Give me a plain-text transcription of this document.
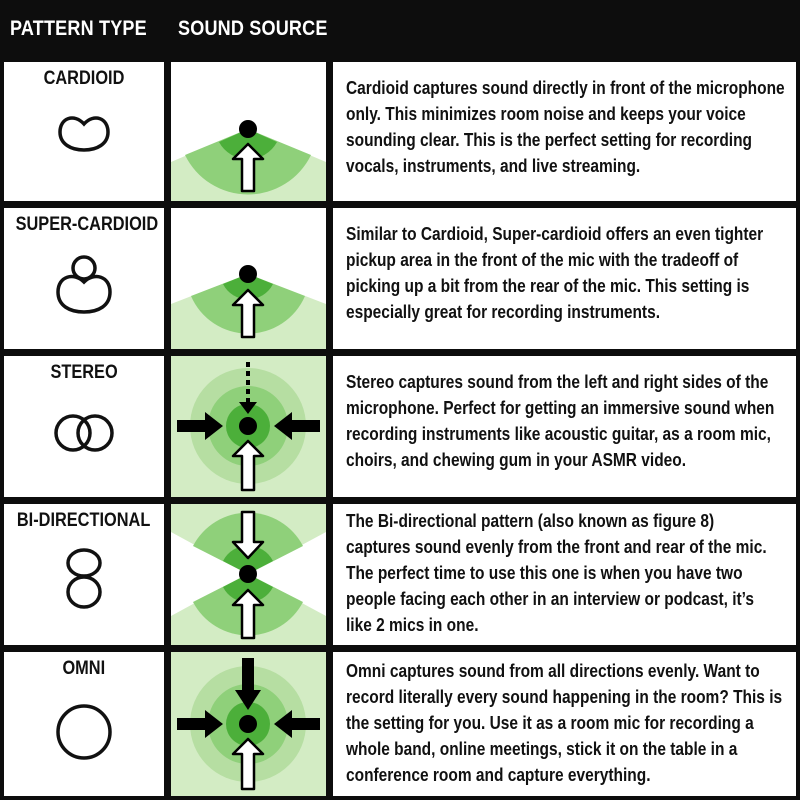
PATTERN TYPE SOUND SOURCE
CARDIOID	Cardioid captures sound directly in front of the microphone
only. This minimizes room noise and keeps your voice
sounding clear. This is the perfect setting for recording
vocals, instruments, and live streaming.
SUPER-CARDIOID	Similar to Cardioid, Super-cardioid offers an even tighter
pickup area in the front of the mic with the tradeoff of
picking up a bit from the rear of the mic. This setting is
especially great for recording instruments.
STEREO	Stereo captures sound from the left and right sides of the
microphone. Perfect for getting an immersive sound when
recording instruments like acoustic guitar, as a room mic,
choirs, and chewing gum in your ASMR video.
BI-DIRECTIONAL	The Bi-directional pattern (also known as figure 8)
captures sound evenly from the front and rear of the mic.
The perfect time to use this one is when you have two
people facing each other in an interview or podcast, it’s
like 2 mics in one.
OMNI	Omni captures sound from all directions evenly. Want to
record literally every sound happening in the room? This is
the setting for you. Use it as a room mic for recording a
whole band, online meetings, stick it on the table in a
conference room and capture everything.
